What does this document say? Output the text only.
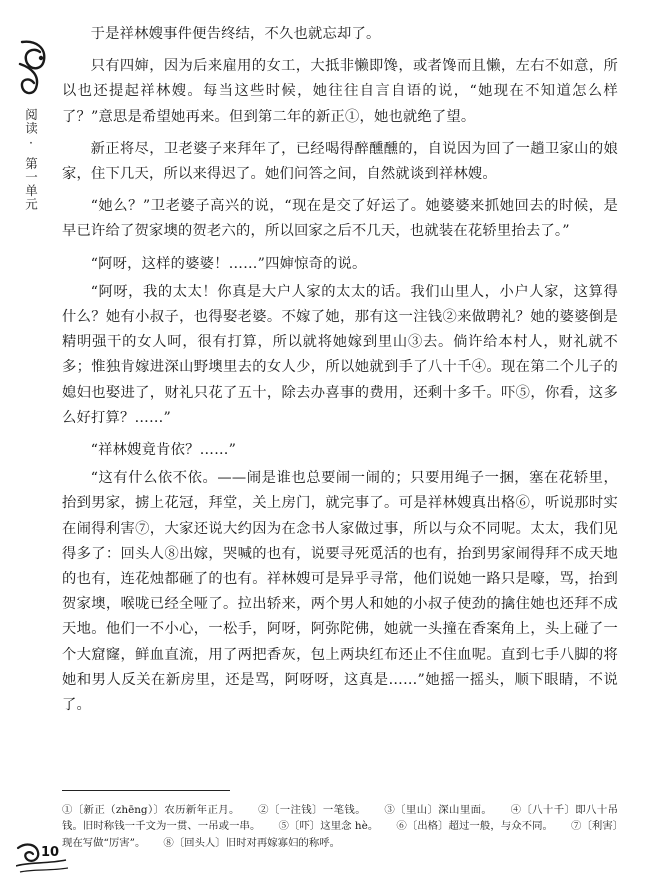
阅读·
第一单元

于是祥林嫂事件便告终结，不久也就忘却了。

只有四婶，因为后来雇用的女工，大抵非懒即馋，或者馋而且懒，左右不如意，所以也还提起祥林嫂。每当这些时候，她往往自言自语的说，“她现在不知道怎么样了？”意思是希望她再来。但到第二年的新正①，她也就绝了望。

新正将尽，卫老婆子来拜年了，已经喝得醉醺醺的，自说因为回了一趟卫家山的娘家，住下几天，所以来得迟了。她们问答之间，自然就谈到祥林嫂。

“她么？”卫老婆子高兴的说，“现在是交了好运了。她婆婆来抓她回去的时候，是早已许给了贺家墺的贺老六的，所以回家之后不几天，也就装在花轿里抬去了。”

“阿呀，这样的婆婆！……”四婶惊奇的说。

“阿呀，我的太太！你真是大户人家的太太的话。我们山里人，小户人家，这算得什么？她有小叔子，也得娶老婆。不嫁了她，那有这一注钱②来做聘礼？她的婆婆倒是精明强干的女人呵，很有打算，所以就将她嫁到里山③去。倘许给本村人，财礼就不多；惟独肯嫁进深山野墺里去的女人少，所以她就到手了八十千④。现在第二个儿子的媳妇也娶进了，财礼只花了五十，除去办喜事的费用，还剩十多千。吓⑤，你看，这多么好打算？……”

“祥林嫂竟肯依？……”

“这有什么依不依。——闹是谁也总要闹一闹的；只要用绳子一捆，塞在花轿里，抬到男家，掳上花冠，拜堂，关上房门，就完事了。可是祥林嫂真出格⑥，听说那时实在闹得利害⑦，大家还说大约因为在念书人家做过事，所以与众不同呢。太太，我们见得多了：回头人⑧出嫁，哭喊的也有，说要寻死觅活的也有，抬到男家闹得拜不成天地的也有，连花烛都砸了的也有。祥林嫂可是异乎寻常，他们说她一路只是嚎，骂，抬到贺家墺，喉咙已经全哑了。拉出轿来，两个男人和她的小叔子使劲的擒住她也还拜不成天地。他们一不小心，一松手，阿呀，阿弥陀佛，她就一头撞在香案角上，头上碰了一个大窟窿，鲜血直流，用了两把香灰，包上两块红布还止不住血呢。直到七手八脚的将她和男人反关在新房里，还是骂，阿呀呀，这真是……”她摇一摇头，顺下眼睛，不说了。

①〔新正（zhēng）〕农历新年正月。 ②〔一注钱〕一笔钱。 ③〔里山〕深山里面。 ④〔八十千〕即八十吊钱。旧时称钱一千文为一贯、一吊或一串。 ⑤〔吓〕这里念 hè。 ⑥〔出格〕超过一般，与众不同。 ⑦〔利害〕现在写做“厉害”。 ⑧〔回头人〕旧时对再嫁寡妇的称呼。
10
